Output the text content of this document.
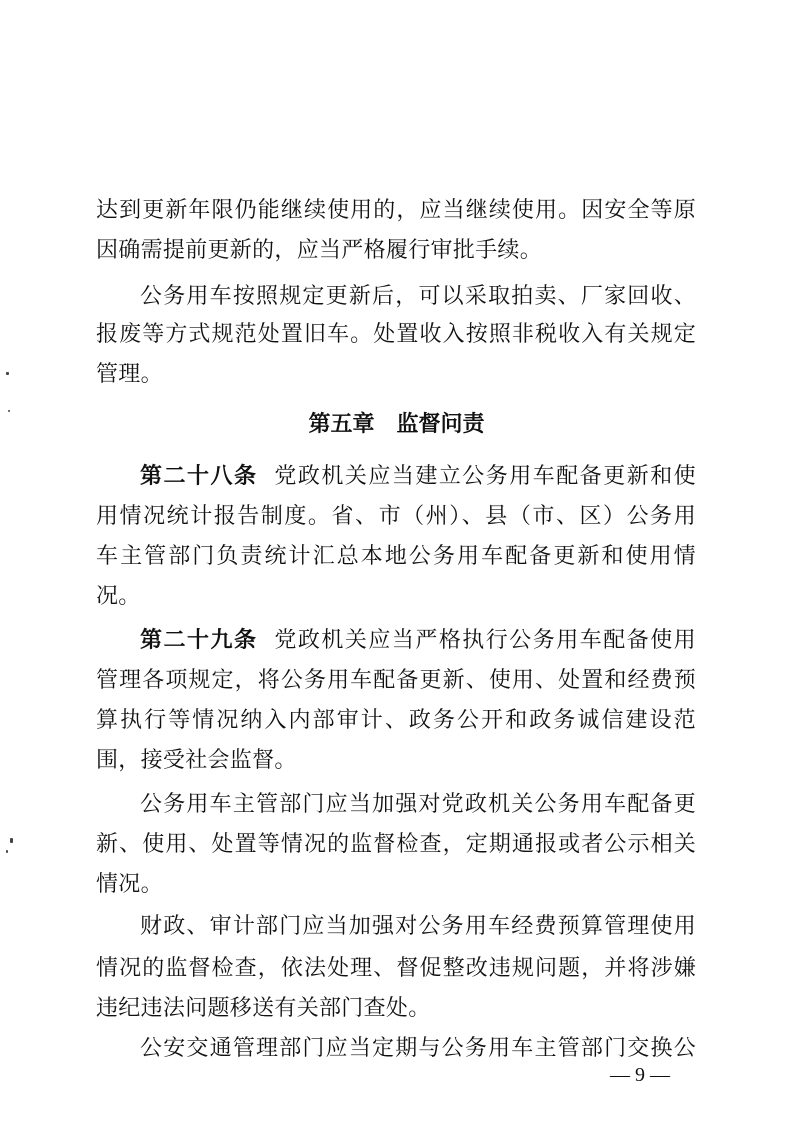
达到更新年限仍能继续使用的，应当继续使用。因安全等原
因确需提前更新的，应当严格履行审批手续。
公务用车按照规定更新后，可以采取拍卖、厂家回收、
报废等方式规范处置旧车。处置收入按照非税收入有关规定
管理。
第五章 监督问责
第二十八条 党政机关应当建立公务用车配备更新和使
用情况统计报告制度。省、市（州）、县（市、区）公务用
车主管部门负责统计汇总本地公务用车配备更新和使用情
况。
第二十九条 党政机关应当严格执行公务用车配备使用
管理各项规定，将公务用车配备更新、使用、处置和经费预
算执行等情况纳入内部审计、政务公开和政务诚信建设范
围，接受社会监督。
公务用车主管部门应当加强对党政机关公务用车配备更
新、使用、处置等情况的监督检查，定期通报或者公示相关
情况。
财政、审计部门应当加强对公务用车经费预算管理使用
情况的监督检查，依法处理、督促整改违规问题，并将涉嫌
违纪违法问题移送有关部门查处。
公安交通管理部门应当定期与公务用车主管部门交换公
— 9 —
